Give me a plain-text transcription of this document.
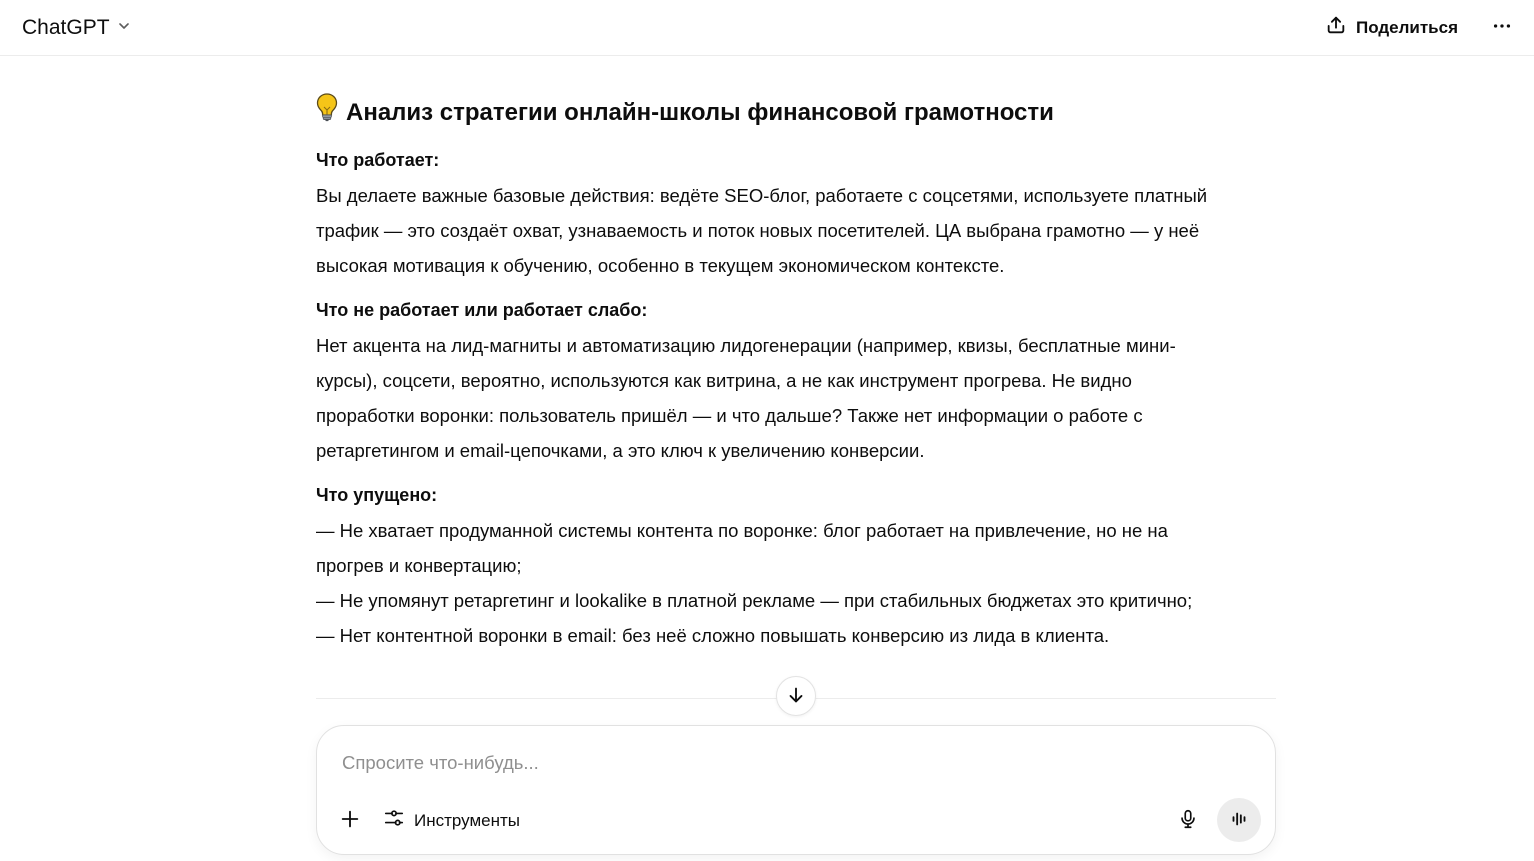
ChatGPT	Поделиться
Анализ стратегии онлайн-школы финансовой грамотности
Что работает:
Вы делаете важные базовые действия: ведёте SEO-блог, работаете с соцсетями, используете платный
трафик — это создаёт охват, узнаваемость и поток новых посетителей. ЦА выбрана грамотно — у неё
высокая мотивация к обучению, особенно в текущем экономическом контексте.
Что не работает или работает слабо:
Нет акцента на лид-магниты и автоматизацию лидогенерации (например, квизы, бесплатные мини-
курсы), соцсети, вероятно, используются как витрина, а не как инструмент прогрева. Не видно
проработки воронки: пользователь пришёл — и что дальше? Также нет информации о работе с
ретаргетингом и email-цепочками, а это ключ к увеличению конверсии.
Что упущено:
— Не хватает продуманной системы контента по воронке: блог работает на привлечение, но не на
прогрев и конвертацию;
— Не упомянут ретаргетинг и lookalike в платной рекламе — при стабильных бюджетах это критично;
— Нет контентной воронки в email: без неё сложно повышать конверсию из лида в клиента.
Спросите что-нибудь...
Инструменты
